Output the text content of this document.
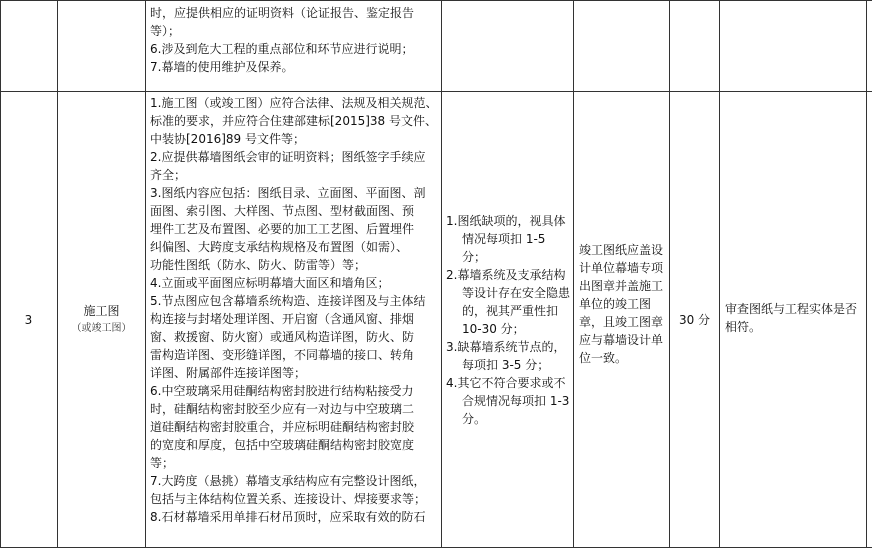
时，应提供相应的证明资料（论证报告、鉴定报告

等）；

6.涉及到危大工程的重点部位和环节应进行说明；

7.幕墙的使用维护及保养。

3
施工图
（或竣工图）

1.施工图（或竣工图）应符合法律、法规及相关规范、

标准的要求，并应符合住建部建标[2015]38 号文件、

中装协[2016]89 号文件等；

2.应提供幕墙图纸会审的证明资料；图纸签字手续应

齐全；

3.图纸内容应包括：图纸目录、立面图、平面图、剖

面图、索引图、大样图、节点图、型材截面图、预

埋件工艺及布置图、必要的加工工艺图、后置埋件

纠偏图、大跨度支承结构规格及布置图（如需）、

功能性图纸（防水、防火、防雷等）等；

4.立面或平面图应标明幕墙大面区和墙角区；

5.节点图应包含幕墙系统构造、连接详图及与主体结

构连接与封堵处理详图、开启窗（含通风窗、排烟

窗、救援窗、防火窗）或通风构造详图，防火、防

雷构造详图、变形缝详图，不同幕墙的接口、转角

详图、附属部件连接详图等；

6.中空玻璃采用硅酮结构密封胶进行结构粘接受力

时，硅酮结构密封胶至少应有一对边与中空玻璃二

道硅酮结构密封胶重合，并应标明硅酮结构密封胶

的宽度和厚度，包括中空玻璃硅酮结构密封胶宽度

等；

7.大跨度（悬挑）幕墙支承结构应有完整设计图纸，

包括与主体结构位置关系、连接设计、焊接要求等；

8.石材幕墙采用单排石材吊顶时，应采取有效的防石

1.图纸缺项的，视具体情况每项扣 1-5 分；

2.幕墙系统及支承结构等设计存在安全隐患的，视其严重性扣 10-30 分；

3.缺幕墙系统节点的，每项扣 3-5 分；

4.其它不符合要求或不合规情况每项扣 1-3 分。

竣工图纸应盖设计单位幕墙专项出图章并盖施工单位的竣工图章，且竣工图章应与幕墙设计单位一致。
30 分
审查图纸与工程实体是否相符。
